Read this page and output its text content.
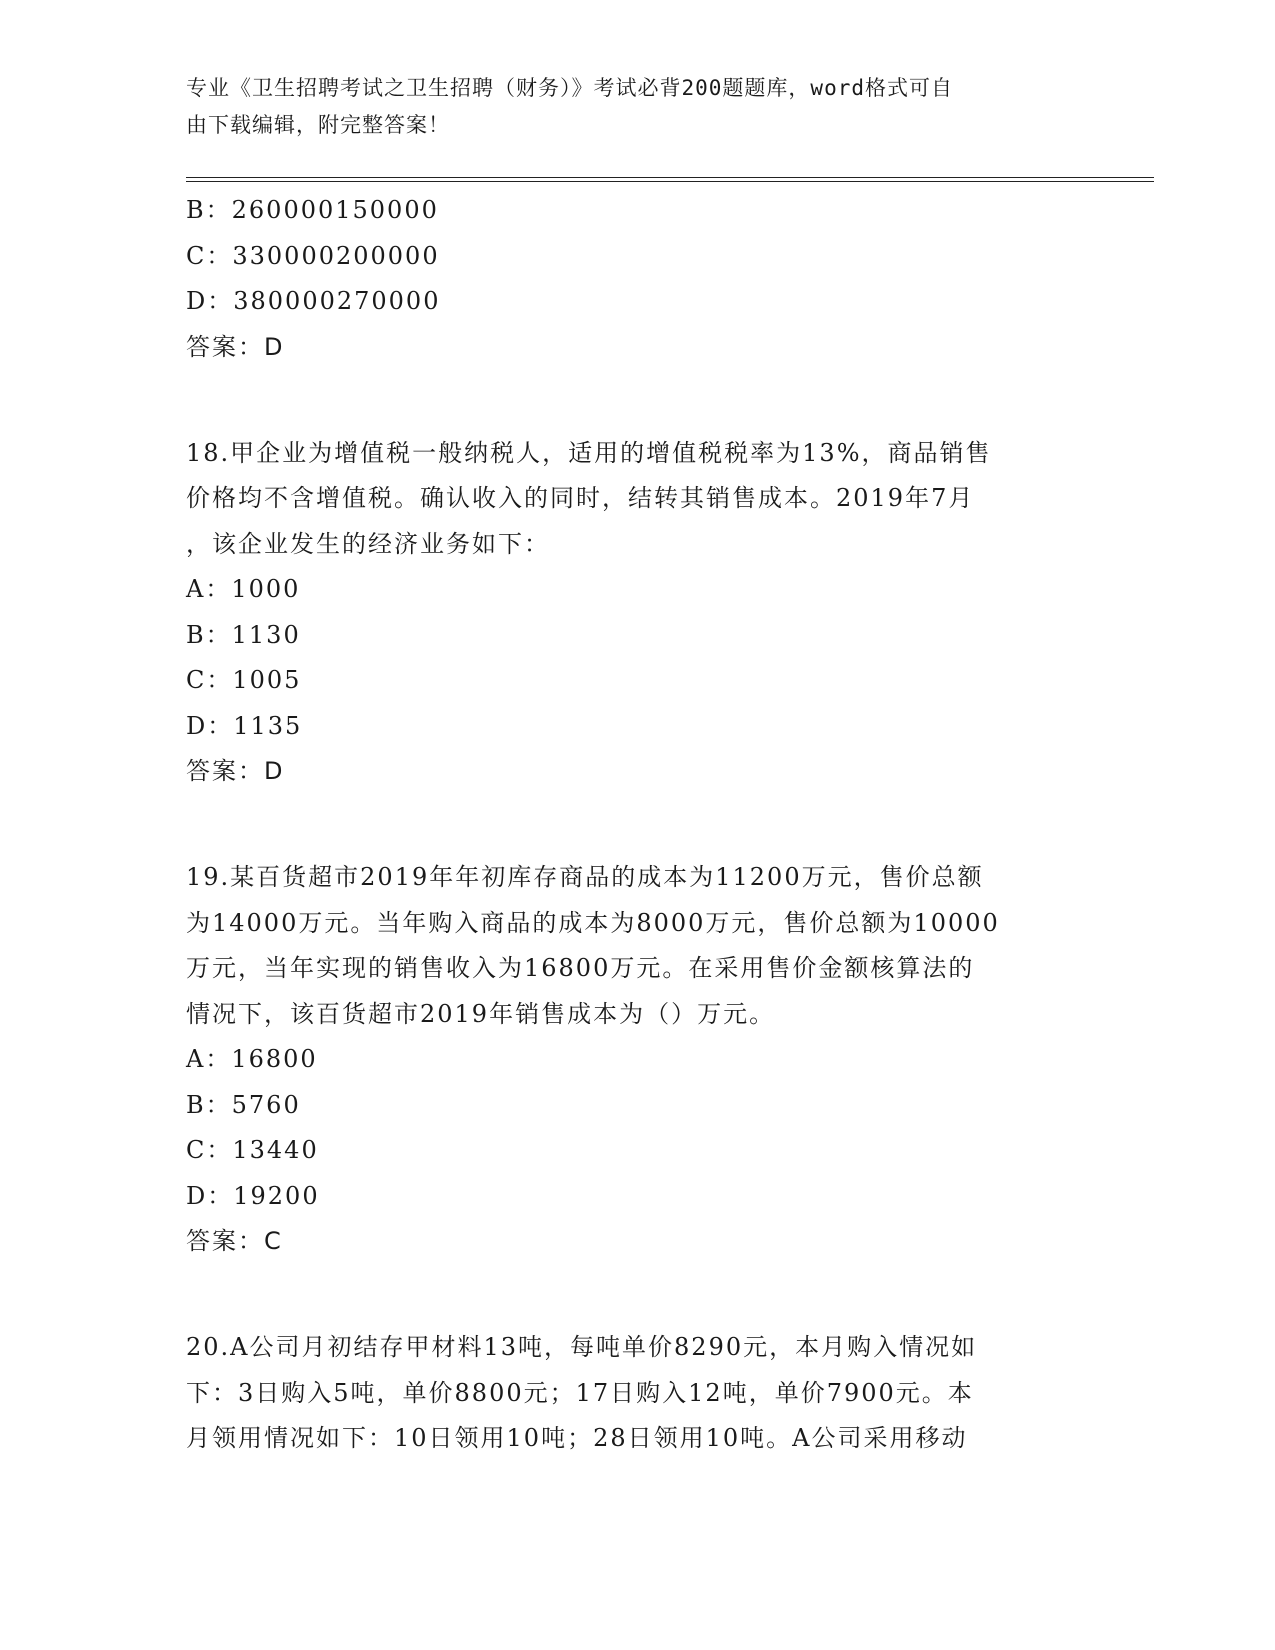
专业《卫生招聘考试之卫生招聘（财务）》考试必背200题题库，word格式可自
由下载编辑，附完整答案！
B：260000150000
C：330000200000
D：380000270000
答案：D
18.甲企业为增值税一般纳税人，适用的增值税税率为13%，商品销售
价格均不含增值税。确认收入的同时，结转其销售成本。2019年7月
，该企业发生的经济业务如下：
A：1000
B：1130
C：1005
D：1135
答案：D
19.某百货超市2019年年初库存商品的成本为11200万元，售价总额
为14000万元。当年购入商品的成本为8000万元，售价总额为10000
万元，当年实现的销售收入为16800万元。在采用售价金额核算法的
情况下，该百货超市2019年销售成本为（）万元。
A：16800
B：5760
C：13440
D：19200
答案：C
20.A公司月初结存甲材料13吨，每吨单价8290元，本月购入情况如
下：3日购入5吨，单价8800元；17日购入12吨，单价7900元。本
月领用情况如下：10日领用10吨；28日领用10吨。A公司采用移动
